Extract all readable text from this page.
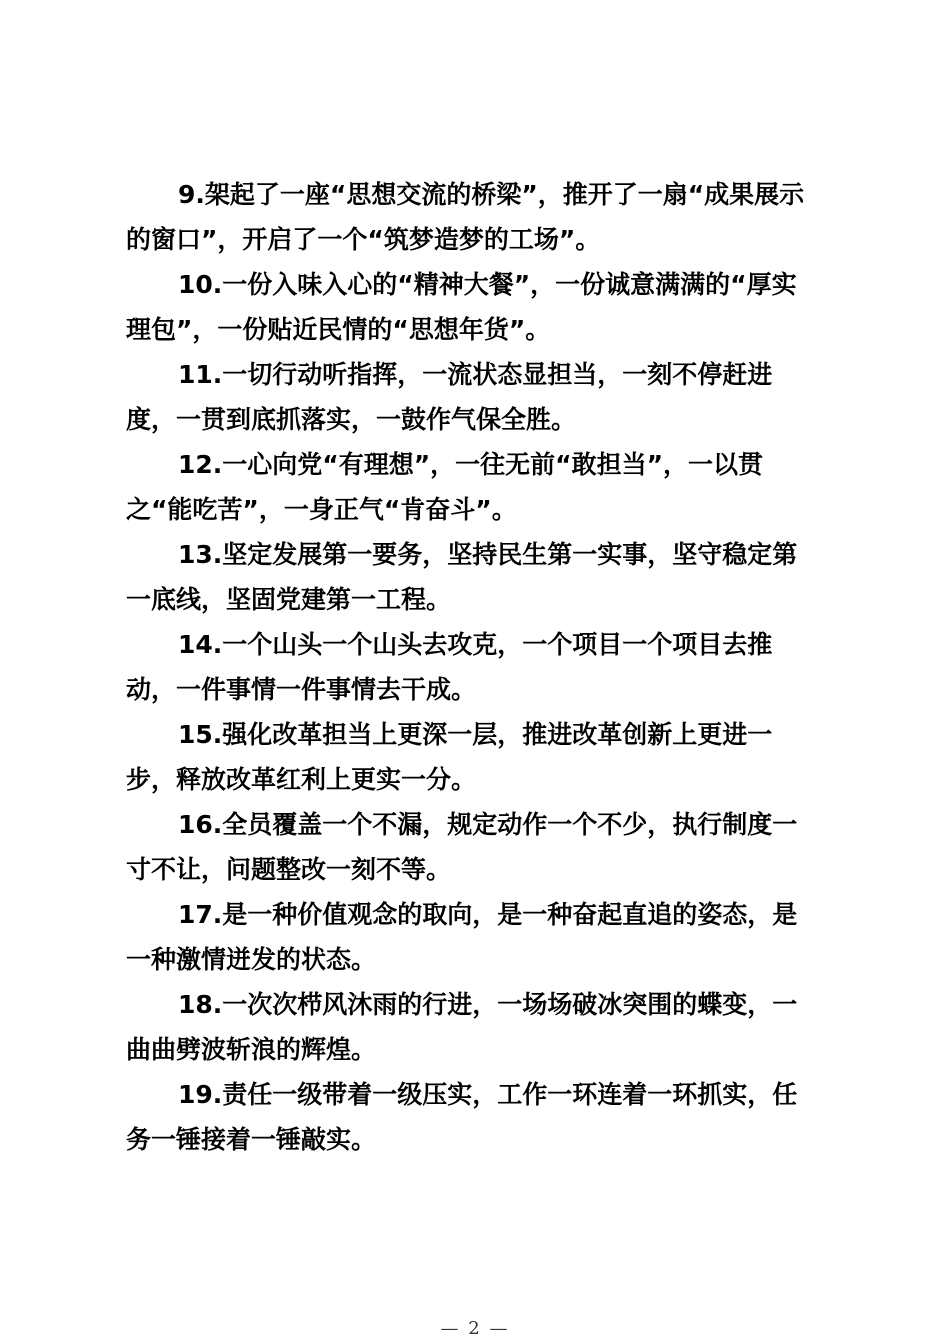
9.架起了一座“思想交流的桥梁”，推开了一扇“成果展示
的窗口”，开启了一个“筑梦造梦的工场”。

10.一份入味入心的“精神大餐”，一份诚意满满的“厚实
理包”，一份贴近民情的“思想年货”。

11.一切行动听指挥，一流状态显担当，一刻不停赶进
度，一贯到底抓落实，一鼓作气保全胜。

12.一心向党“有理想”，一往无前“敢担当”，一以贯
之“能吃苦”，一身正气“肯奋斗”。

13.坚定发展第一要务，坚持民生第一实事，坚守稳定第
一底线，坚固党建第一工程。

14.一个山头一个山头去攻克，一个项目一个项目去推
动，一件事情一件事情去干成。

15.强化改革担当上更深一层，推进改革创新上更进一
步，释放改革红利上更实一分。

16.全员覆盖一个不漏，规定动作一个不少，执行制度一
寸不让，问题整改一刻不等。

17.是一种价值观念的取向，是一种奋起直追的姿态，是
一种激情迸发的状态。

18.一次次栉风沐雨的行进，一场场破冰突围的蝶变，一
曲曲劈波斩浪的辉煌。

19.责任一级带着一级压实，工作一环连着一环抓实，任
务一锤接着一锤敲实。

— 2 —
